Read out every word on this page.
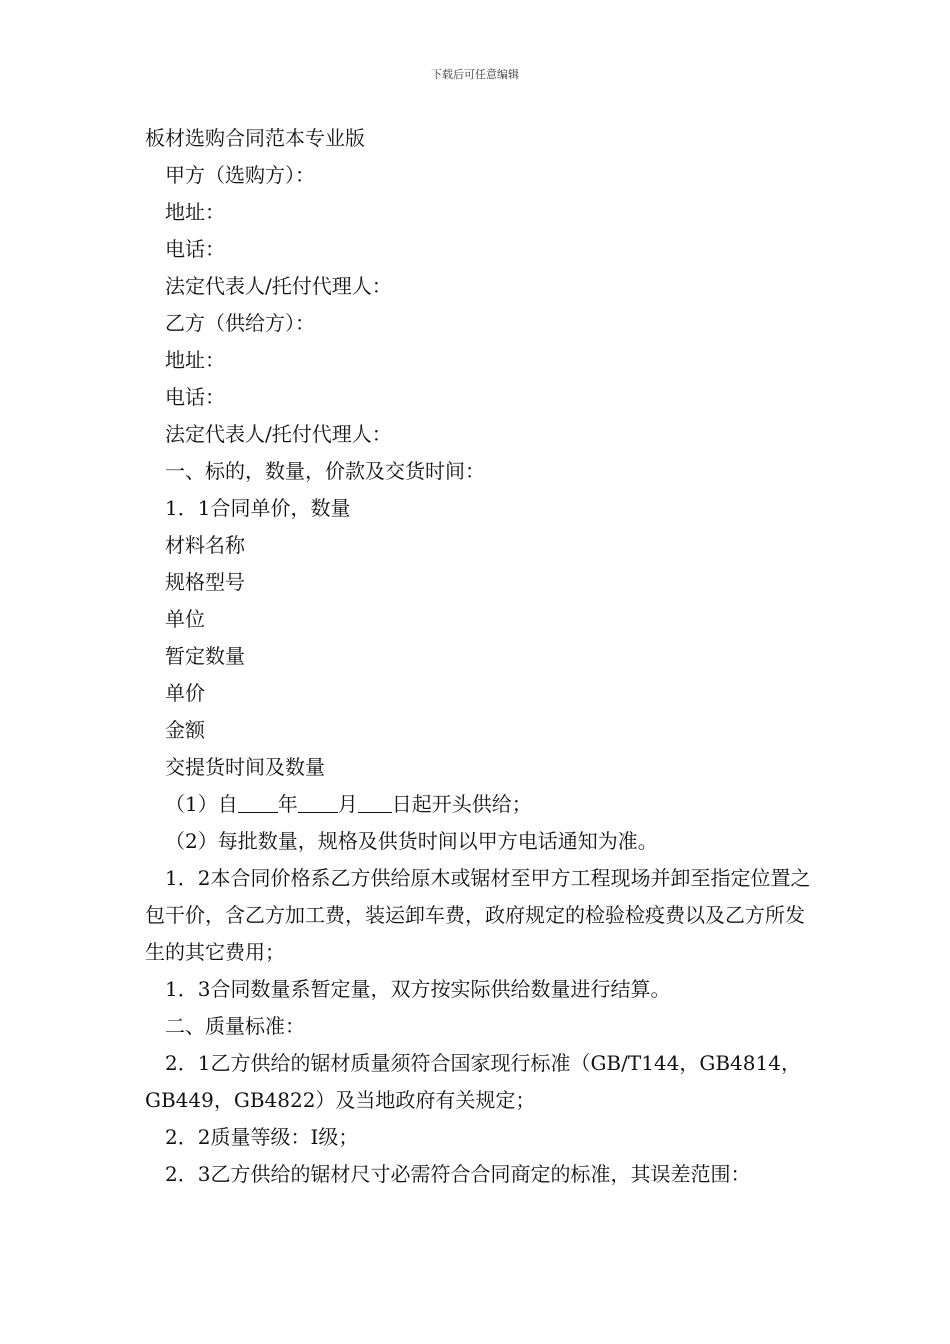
下载后可任意编辑

板材选购合同范本专业版

甲方（选购方）：

地址：

电话：

法定代表人/托付代理人：

乙方（供给方）：

地址：

电话：

法定代表人/托付代理人：

一、标的，数量，价款及交货时间：

1．1合同单价，数量

材料名称

规格型号

单位

暂定数量

单价

金额

交提货时间及数量

（1）自 年 月 日起开头供给；

（2）每批数量，规格及供货时间以甲方电话通知为准。

1．2本合同价格系乙方供给原木或锯材至甲方工程现场并卸至指定位置之包干价，含乙方加工费，装运卸车费，政府规定的检验检疫费以及乙方所发生的其它费用；

1．3合同数量系暂定量，双方按实际供给数量进行结算。

二、质量标准：

2．1乙方供给的锯材质量须符合国家现行标准（GB/T144，GB4814，GB449，GB4822）及当地政府有关规定；

2．2质量等级：Ⅰ级；

2．3乙方供给的锯材尺寸必需符合合同商定的标准，其误差范围：
